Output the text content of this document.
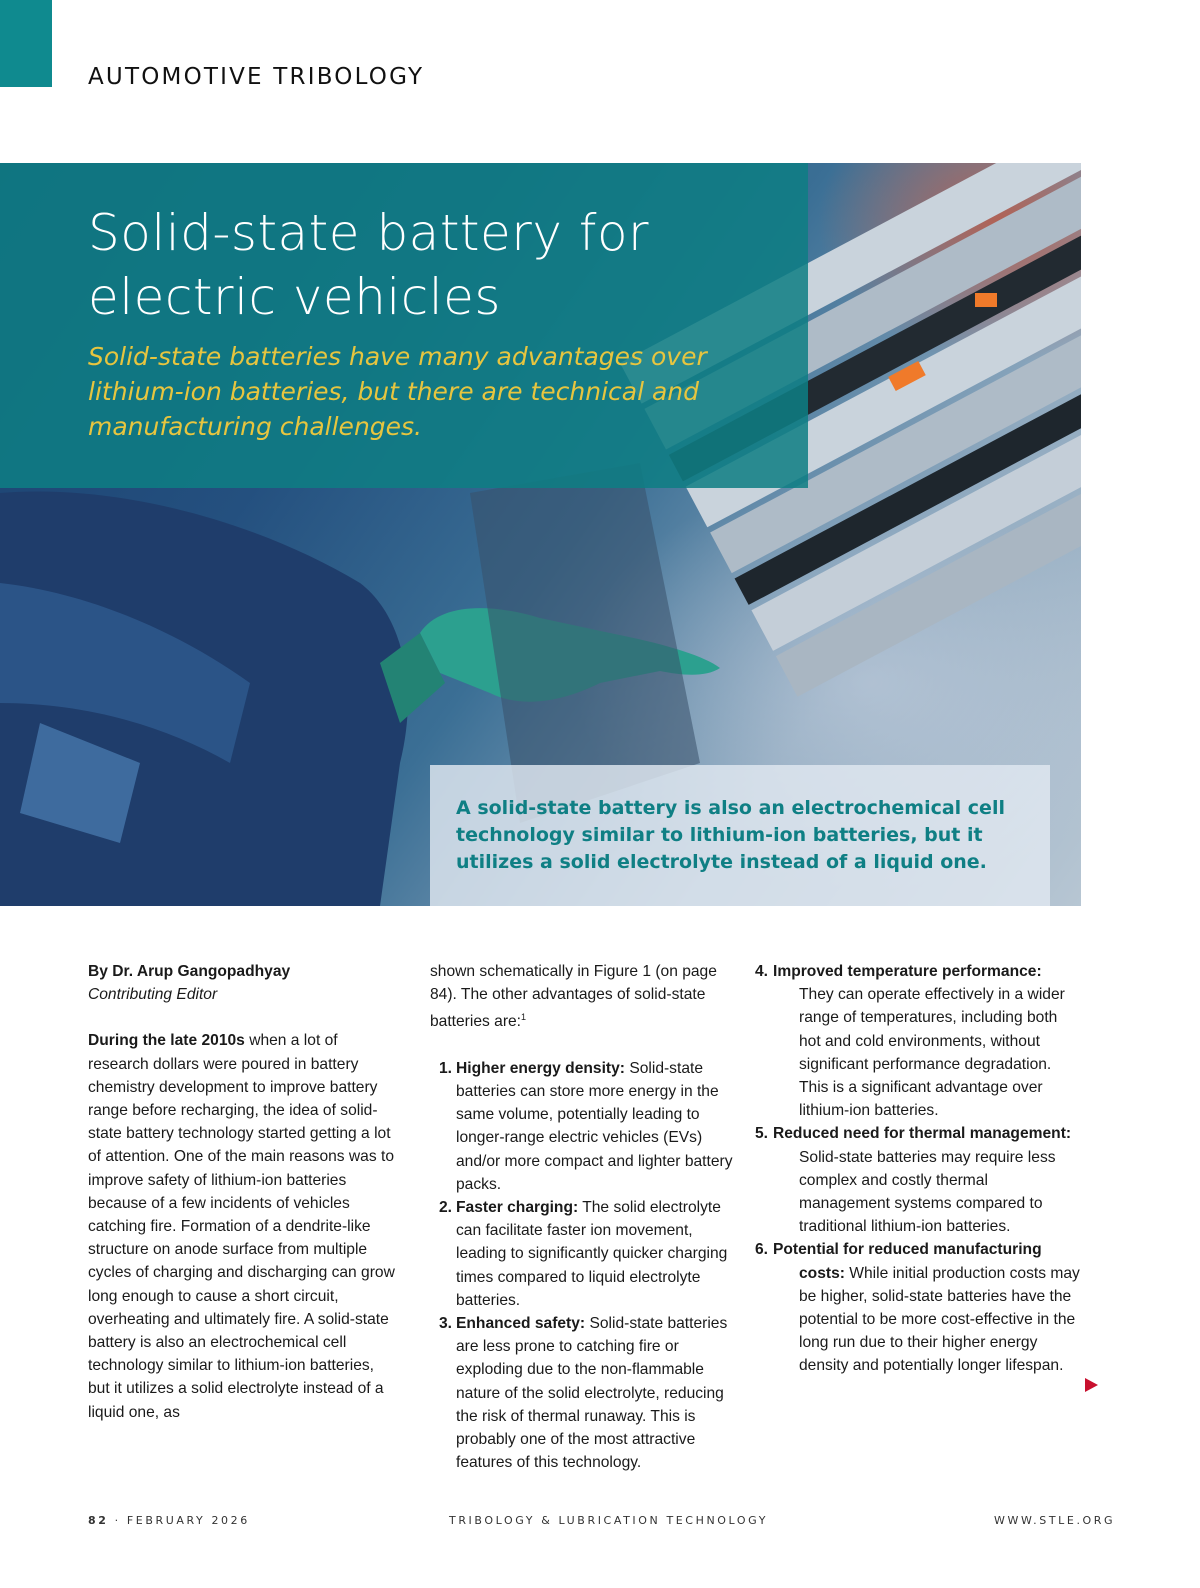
AUTOMOTIVE TRIBOLOGY
Solid-state battery for
electric vehicles

Solid-state batteries have many advantages over lithium-ion batteries, but there are technical and manufacturing challenges.

A solid-state battery is also an electrochemical cell technology similar to lithium-ion batteries, but it utilizes a solid electrolyte instead of a liquid one.

By Dr. Arup Gangopadhyay

Contributing Editor

During the late 2010s when a lot of research dollars were poured in battery chemistry development to improve battery range before recharging, the idea of solid-state battery technology started getting a lot of attention. One of the main reasons was to improve safety of lithium-ion batteries because of a few incidents of vehicles catching fire. Formation of a dendrite-like structure on anode surface from multiple cycles of charging and discharging can grow long enough to cause a short circuit, overheating and ultimately fire. A solid-state battery is also an electrochemical cell technology similar to lithium-ion batteries, but it utilizes a solid electrolyte instead of a liquid one, as

shown schematically in Figure 1 (on page 84). The other advantages of solid-state batteries are:$^1$

1. Higher energy density: Solid-state batteries can store more energy in the same volume, potentially leading to longer-range electric vehicles (EVs) and/or more compact and lighter battery packs.
2. Faster charging: The solid electrolyte can facilitate faster ion movement, leading to significantly quicker charging times compared to liquid electrolyte batteries.
3. Enhanced safety: Solid-state batteries are less prone to catching fire or exploding due to the non-flammable nature of the solid electrolyte, reducing the risk of thermal runaway. This is probably one of the most attractive features of this technology.
4. Improved temperature performance: They can operate effectively in a wider range of temperatures, including both hot and cold environments, without significant performance degradation. This is a significant advantage over lithium-ion batteries.
5. Reduced need for thermal management: Solid-state batteries may require less complex and costly thermal management systems compared to traditional lithium-ion batteries.
6. Potential for reduced manufacturing costs: While initial production costs may be higher, solid-state batteries have the potential to be more cost-effective in the long run due to their higher energy density and potentially longer lifespan.
82 · FEBRUARY 2026	TRIBOLOGY & LUBRICATION TECHNOLOGY	WWW.STLE.ORG
